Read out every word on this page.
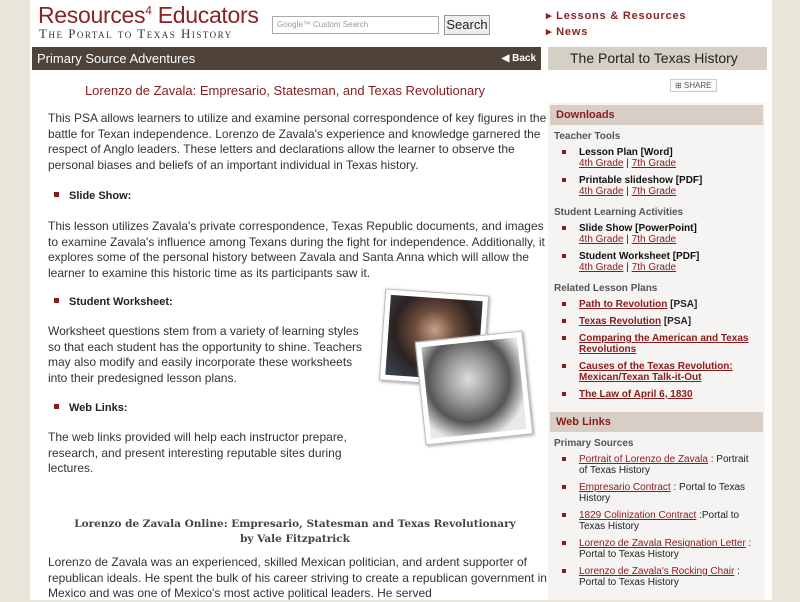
Resources$^4$ Educators
The Portal to Texas History
Google™ Custom Search	Search
▸ Lessons & Resources
▸ News
Primary Source Adventures	◀ Back	The Portal to Texas History
⊞ SHARE
Lorenzo de Zavala: Empresario, Statesman, and Texas Revolutionary
This PSA allows learners to utilize and examine personal correspondence of key figures in the battle for Texan independence. Lorenzo de Zavala's experience and knowledge garnered the respect of Anglo leaders. These letters and declarations allow the learner to observe the personal biases and beliefs of an important individual in Texas history.
Slide Show:
This lesson utilizes Zavala's private correspondence, Texas Republic documents, and images to examine Zavala's influence among Texans during the fight for independence. Additionally, it explores some of the personal history between Zavala and Santa Anna which will allow the learner to examine this historic time as its participants saw it.
Student Worksheet:
Worksheet questions stem from a variety of learning styles so that each student has the opportunity to shine. Teachers may also modify and easily incorporate these worksheets into their predesigned lesson plans.
Web Links:
The web links provided will help each instructor prepare, research, and present interesting reputable sites during lectures.
Lorenzo de Zavala Online: Empresario, Statesman and Texas Revolutionary
by Vale Fitzpatrick
Lorenzo de Zavala was an experienced, skilled Mexican politician, and ardent supporter of republican ideals. He spent the bulk of his career striving to create a republican government in Mexico and was one of Mexico's most active political leaders. He served
Downloads
Teacher Tools
Lesson Plan [Word]
4th Grade | 7th Grade
Printable slideshow [PDF]
4th Grade | 7th Grade
Student Learning Activities
Slide Show [PowerPoint]
4th Grade | 7th Grade
Student Worksheet [PDF]
4th Grade | 7th Grade
Related Lesson Plans
Path to Revolution [PSA]
Texas Revolution [PSA]
Comparing the American and Texas Revolutions
Causes of the Texas Revolution: Mexican/Texan Talk-it-Out
The Law of April 6, 1830
Web Links
Primary Sources
Portrait of Lorenzo de Zavala : Portrait of Texas History
Empresario Contract : Portal to Texas History
1829 Colinization Contract :Portal to Texas History
Lorenzo de Zavala Resignation Letter : Portal to Texas History
Lorenzo de Zavala's Rocking Chair : Portal to Texas History
